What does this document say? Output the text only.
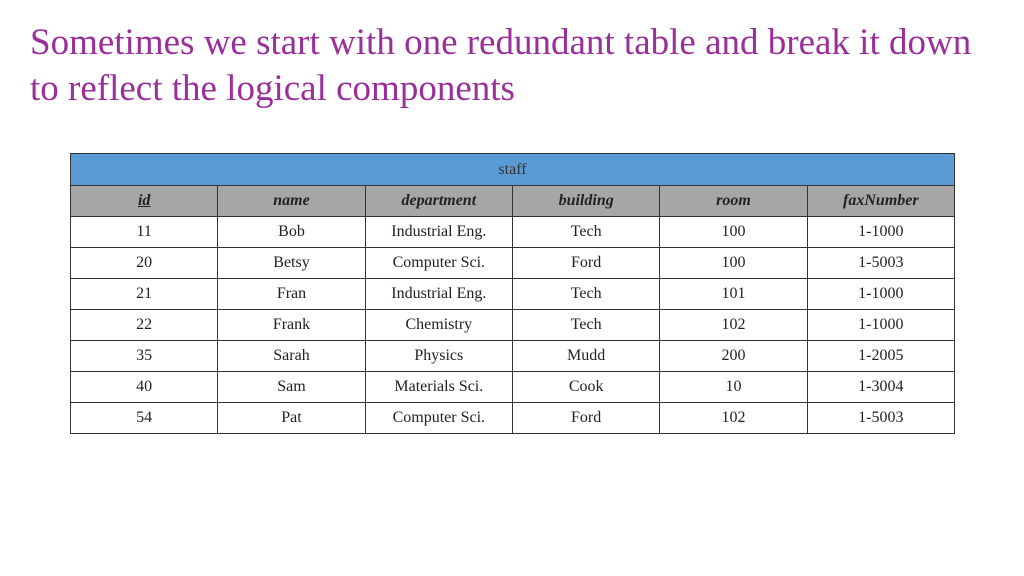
Sometimes we start with one redundant table and break it down to reflect the logical components
staff					
id	name	department	building	room	faxNumber
11	Bob	Industrial Eng.	Tech	100	1-1000
20	Betsy	Computer Sci.	Ford	100	1-5003
21	Fran	Industrial Eng.	Tech	101	1-1000
22	Frank	Chemistry	Tech	102	1-1000
35	Sarah	Physics	Mudd	200	1-2005
40	Sam	Materials Sci.	Cook	10	1-3004
54	Pat	Computer Sci.	Ford	102	1-5003
